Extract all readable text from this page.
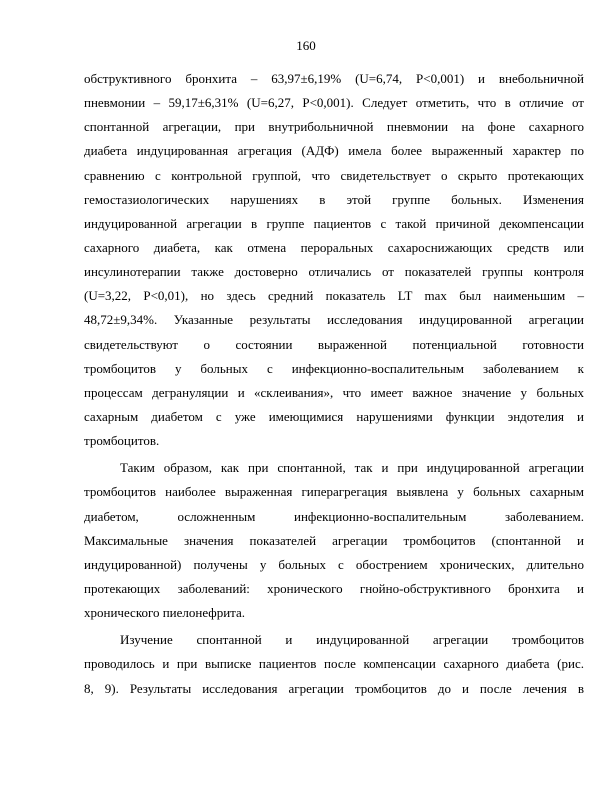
160
обструктивного бронхита – 63,97±6,19% (U=6,74, P<0,001) и внебольничной
пневмонии – 59,17±6,31% (U=6,27, P<0,001). Следует отметить, что в отличие от
спонтанной агрегации, при внутрибольничной пневмонии на фоне сахарного
диабета индуцированная агрегация (АДФ) имела более выраженный характер по
сравнению с контрольной группой, что свидетельствует о скрыто протекающих
гемостазиологических нарушениях в этой группе больных. Изменения
индуцированной агрегации в группе пациентов с такой причиной декомпенсации
сахарного диабета, как отмена пероральных сахароснижающих средств или
инсулинотерапии также достоверно отличались от показателей группы контроля
(U=3,22, P<0,01), но здесь средний показатель LT max был наименьшим –
48,72±9,34%. Указанные результаты исследования индуцированной агрегации
свидетельствуют о состоянии выраженной потенциальной готовности
тромбоцитов у больных с инфекционно-воспалительным заболеванием к
процессам дегрануляции и «склеивания», что имеет важное значение у больных
сахарным диабетом с уже имеющимися нарушениями функции эндотелия и
тромбоцитов.
Таким образом, как при спонтанной, так и при индуцированной агрегации
тромбоцитов наиболее выраженная гиперагрегация выявлена у больных сахарным
диабетом, осложненным инфекционно-воспалительным заболеванием.
Максимальные значения показателей агрегации тромбоцитов (спонтанной и
индуцированной) получены у больных с обострением хронических, длительно
протекающих заболеваний: хронического гнойно-обструктивного бронхита и
хронического пиелонефрита.
Изучение спонтанной и индуцированной агрегации тромбоцитов
проводилось и при выписке пациентов после компенсации сахарного диабета (рис.
8, 9). Результаты исследования агрегации тромбоцитов до и после лечения в
